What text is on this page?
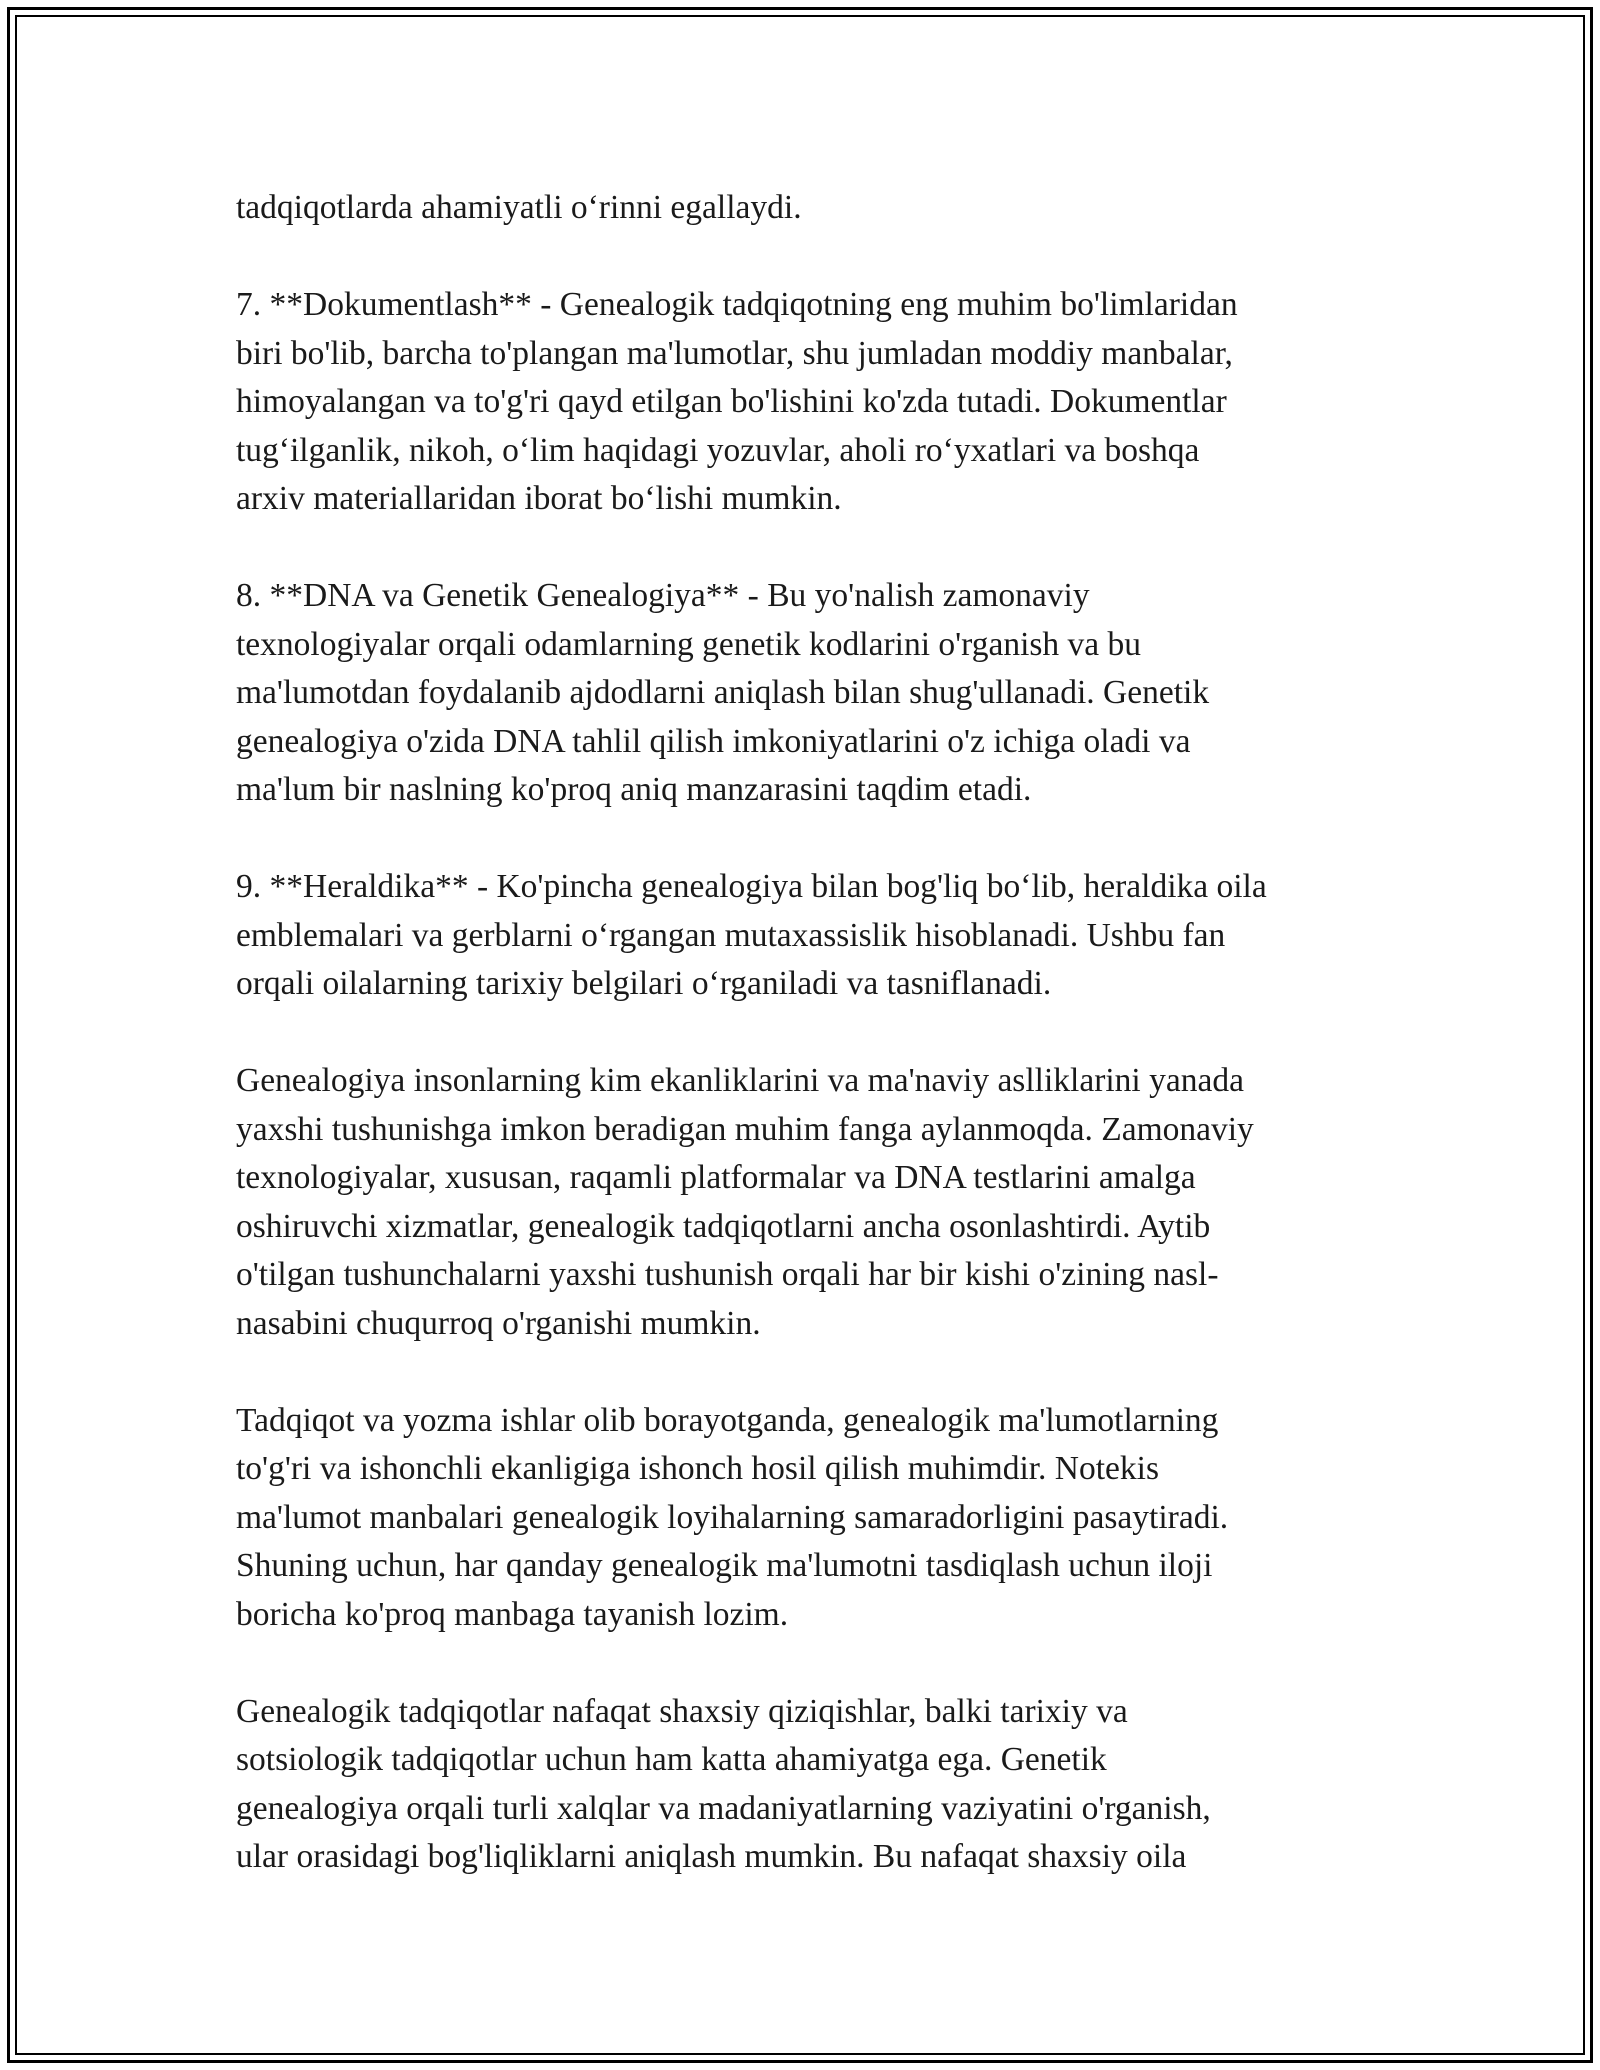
tadqiqotlarda ahamiyatli o‘rinni egallaydi.

7. **Dokumentlash** - Genealogik tadqiqotning eng muhim bo'limlaridan
biri bo'lib, barcha to'plangan ma'lumotlar, shu jumladan moddiy manbalar,
himoyalangan va to'g'ri qayd etilgan bo'lishini ko'zda tutadi. Dokumentlar
tug‘ilganlik, nikoh, o‘lim haqidagi yozuvlar, aholi ro‘yxatlari va boshqa
arxiv materiallaridan iborat bo‘lishi mumkin.

8. **DNA va Genetik Genealogiya** - Bu yo'nalish zamonaviy
texnologiyalar orqali odamlarning genetik kodlarini o'rganish va bu
ma'lumotdan foydalanib ajdodlarni aniqlash bilan shug'ullanadi. Genetik
genealogiya o'zida DNA tahlil qilish imkoniyatlarini o'z ichiga oladi va
ma'lum bir naslning ko'proq aniq manzarasini taqdim etadi.

9. **Heraldika** - Ko'pincha genealogiya bilan bog'liq bo‘lib, heraldika oila
emblemalari va gerblarni o‘rgangan mutaxassislik hisoblanadi. Ushbu fan
orqali oilalarning tarixiy belgilari o‘rganiladi va tasniflanadi.

Genealogiya insonlarning kim ekanliklarini va ma'naviy aslliklarini yanada
yaxshi tushunishga imkon beradigan muhim fanga aylanmoqda. Zamonaviy
texnologiyalar, xususan, raqamli platformalar va DNA testlarini amalga
oshiruvchi xizmatlar, genealogik tadqiqotlarni ancha osonlashtirdi. Aytib
o'tilgan tushunchalarni yaxshi tushunish orqali har bir kishi o'zining nasl-
nasabini chuqurroq o'rganishi mumkin.

Tadqiqot va yozma ishlar olib borayotganda, genealogik ma'lumotlarning
to'g'ri va ishonchli ekanligiga ishonch hosil qilish muhimdir. Notekis
ma'lumot manbalari genealogik loyihalarning samaradorligini pasaytiradi.
Shuning uchun, har qanday genealogik ma'lumotni tasdiqlash uchun iloji
boricha ko'proq manbaga tayanish lozim.

Genealogik tadqiqotlar nafaqat shaxsiy qiziqishlar, balki tarixiy va
sotsiologik tadqiqotlar uchun ham katta ahamiyatga ega. Genetik
genealogiya orqali turli xalqlar va madaniyatlarning vaziyatini o'rganish,
ular orasidagi bog'liqliklarni aniqlash mumkin. Bu nafaqat shaxsiy oila
